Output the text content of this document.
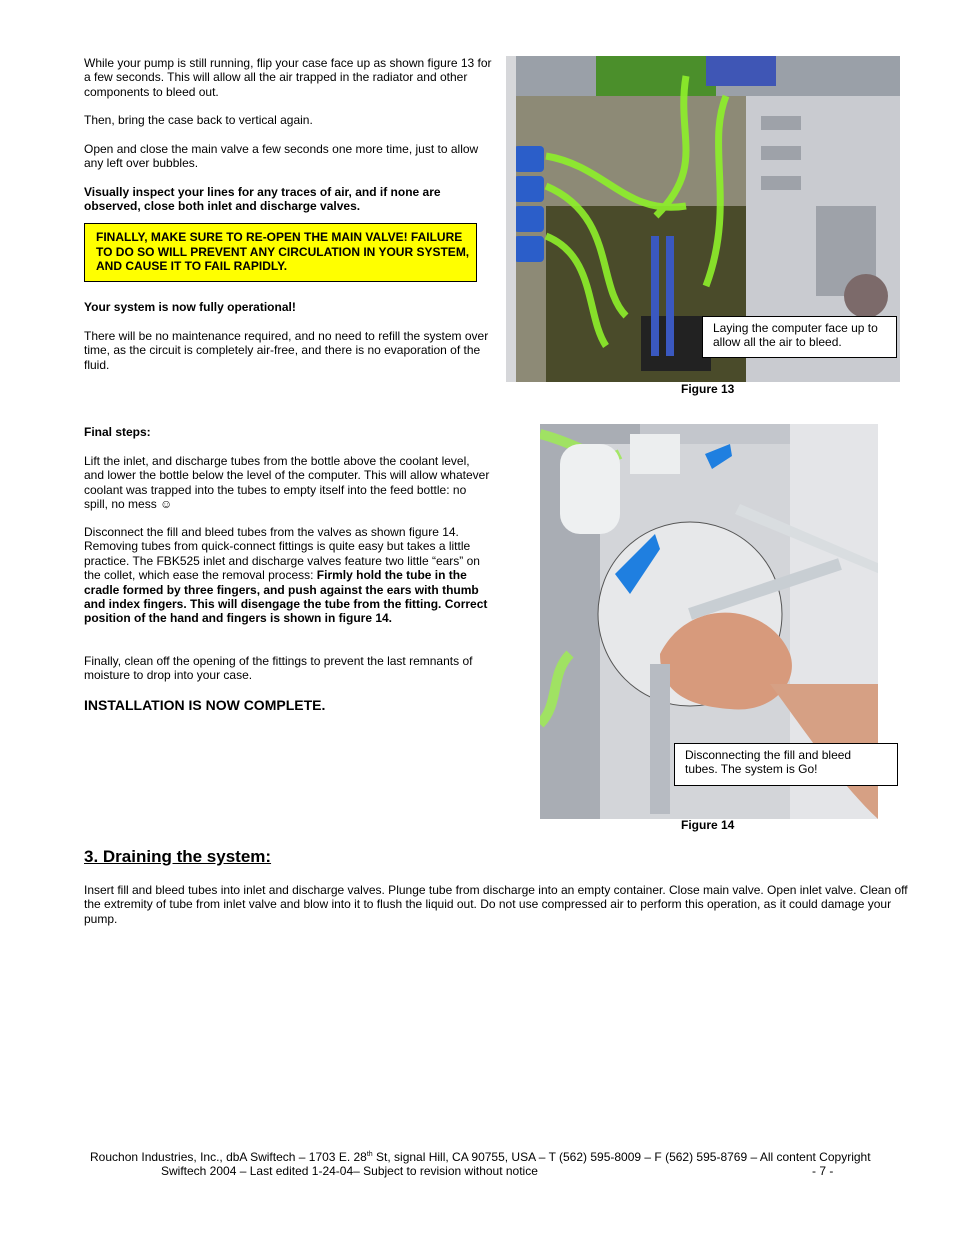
While your pump is still running, flip your case face up as shown figure 13 for a few seconds. This will allow all the air trapped in the radiator and other components to bleed out.

Then, bring the case back to vertical again.

Open and close the main valve a few seconds one more time, just to allow any left over bubbles.

Visually inspect your lines for any traces of air, and if none are observed, close both inlet and discharge valves.

FINALLY, MAKE SURE TO RE-OPEN THE MAIN VALVE! FAILURE TO DO SO WILL PREVENT ANY CIRCULATION IN YOUR SYSTEM, AND CAUSE IT TO FAIL RAPIDLY.

Your system is now fully operational!

There will be no maintenance required, and no need to refill the system over time, as the circuit is completely air-free, and there is no evaporation of the fluid.

Laying the computer face up to allow all the air to bleed.
Figure 13

Final steps:

Lift the inlet, and discharge tubes from the bottle above the coolant level, and lower the bottle below the level of the computer. This will allow whatever coolant was trapped into the tubes to empty itself into the feed bottle: no spill, no mess ☺

Disconnect the fill and bleed tubes from the valves as shown figure 14. Removing tubes from quick-connect fittings is quite easy but takes a little practice. The FBK525 inlet and discharge valves feature two little “ears” on the collet, which ease the removal process: Firmly hold the tube in the cradle formed by three fingers, and push against the ears with thumb and index fingers. This will disengage the tube from the fitting. Correct position of the hand and fingers is shown in figure 14.

Finally, clean off the opening of the fittings to prevent the last remnants of moisture to drop into your case.

INSTALLATION IS NOW COMPLETE.

Disconnecting the fill and bleed tubes. The system is Go!
Figure 14
3. Draining the system:

Insert fill and bleed tubes into inlet and discharge valves. Plunge tube from discharge into an empty container. Close main valve. Open inlet valve. Clean off the extremity of tube from inlet valve and blow into it to flush the liquid out. Do not use compressed air to perform this operation, as it could damage your pump.

Rouchon Industries, Inc., dbA Swiftech – 1703 E. 28th St, signal Hill, CA 90755, USA – T (562) 595-8009 – F (562) 595-8769 – All content Copyright
Swiftech 2004 – Last edited 1-24-04– Subject to revision without notice	- 7 -
